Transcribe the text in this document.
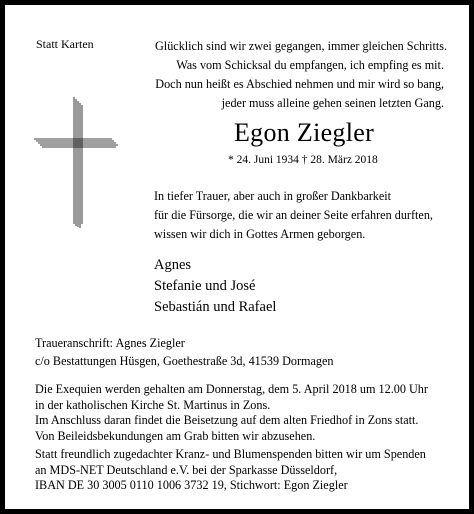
Statt Karten	Glücklich sind wir zwei gegangen, immer gleichen Schritts.
Was vom Schicksal du empfangen, ich empfing es mit.
Doch nun heißt es Abschied nehmen und mir wird so bang,
jeder muss alleine gehen seinen letzten Gang.
Egon Ziegler
* 24. Juni 1934 † 28. März 2018
In tiefer Trauer, aber auch in großer Dankbarkeit
für die Fürsorge, die wir an deiner Seite erfahren durften,
wissen wir dich in Gottes Armen geborgen.
Agnes
Stefanie und José
Sebastián und Rafael
Traueranschrift: Agnes Ziegler
c/o Bestattungen Hüsgen, Goethestraße 3d, 41539 Dormagen
Die Exequien werden gehalten am Donnerstag, dem 5. April 2018 um 12.00 Uhr
in der katholischen Kirche St. Martinus in Zons.
Im Anschluss daran findet die Beisetzung auf dem alten Friedhof in Zons statt.
Von Beileidsbekundungen am Grab bitten wir abzusehen.
Statt freundlich zugedachter Kranz- und Blumenspenden bitten wir um Spenden
an MDS-NET Deutschland e.V. bei der Sparkasse Düsseldorf,
IBAN DE 30 3005 0110 1006 3732 19, Stichwort: Egon Ziegler
